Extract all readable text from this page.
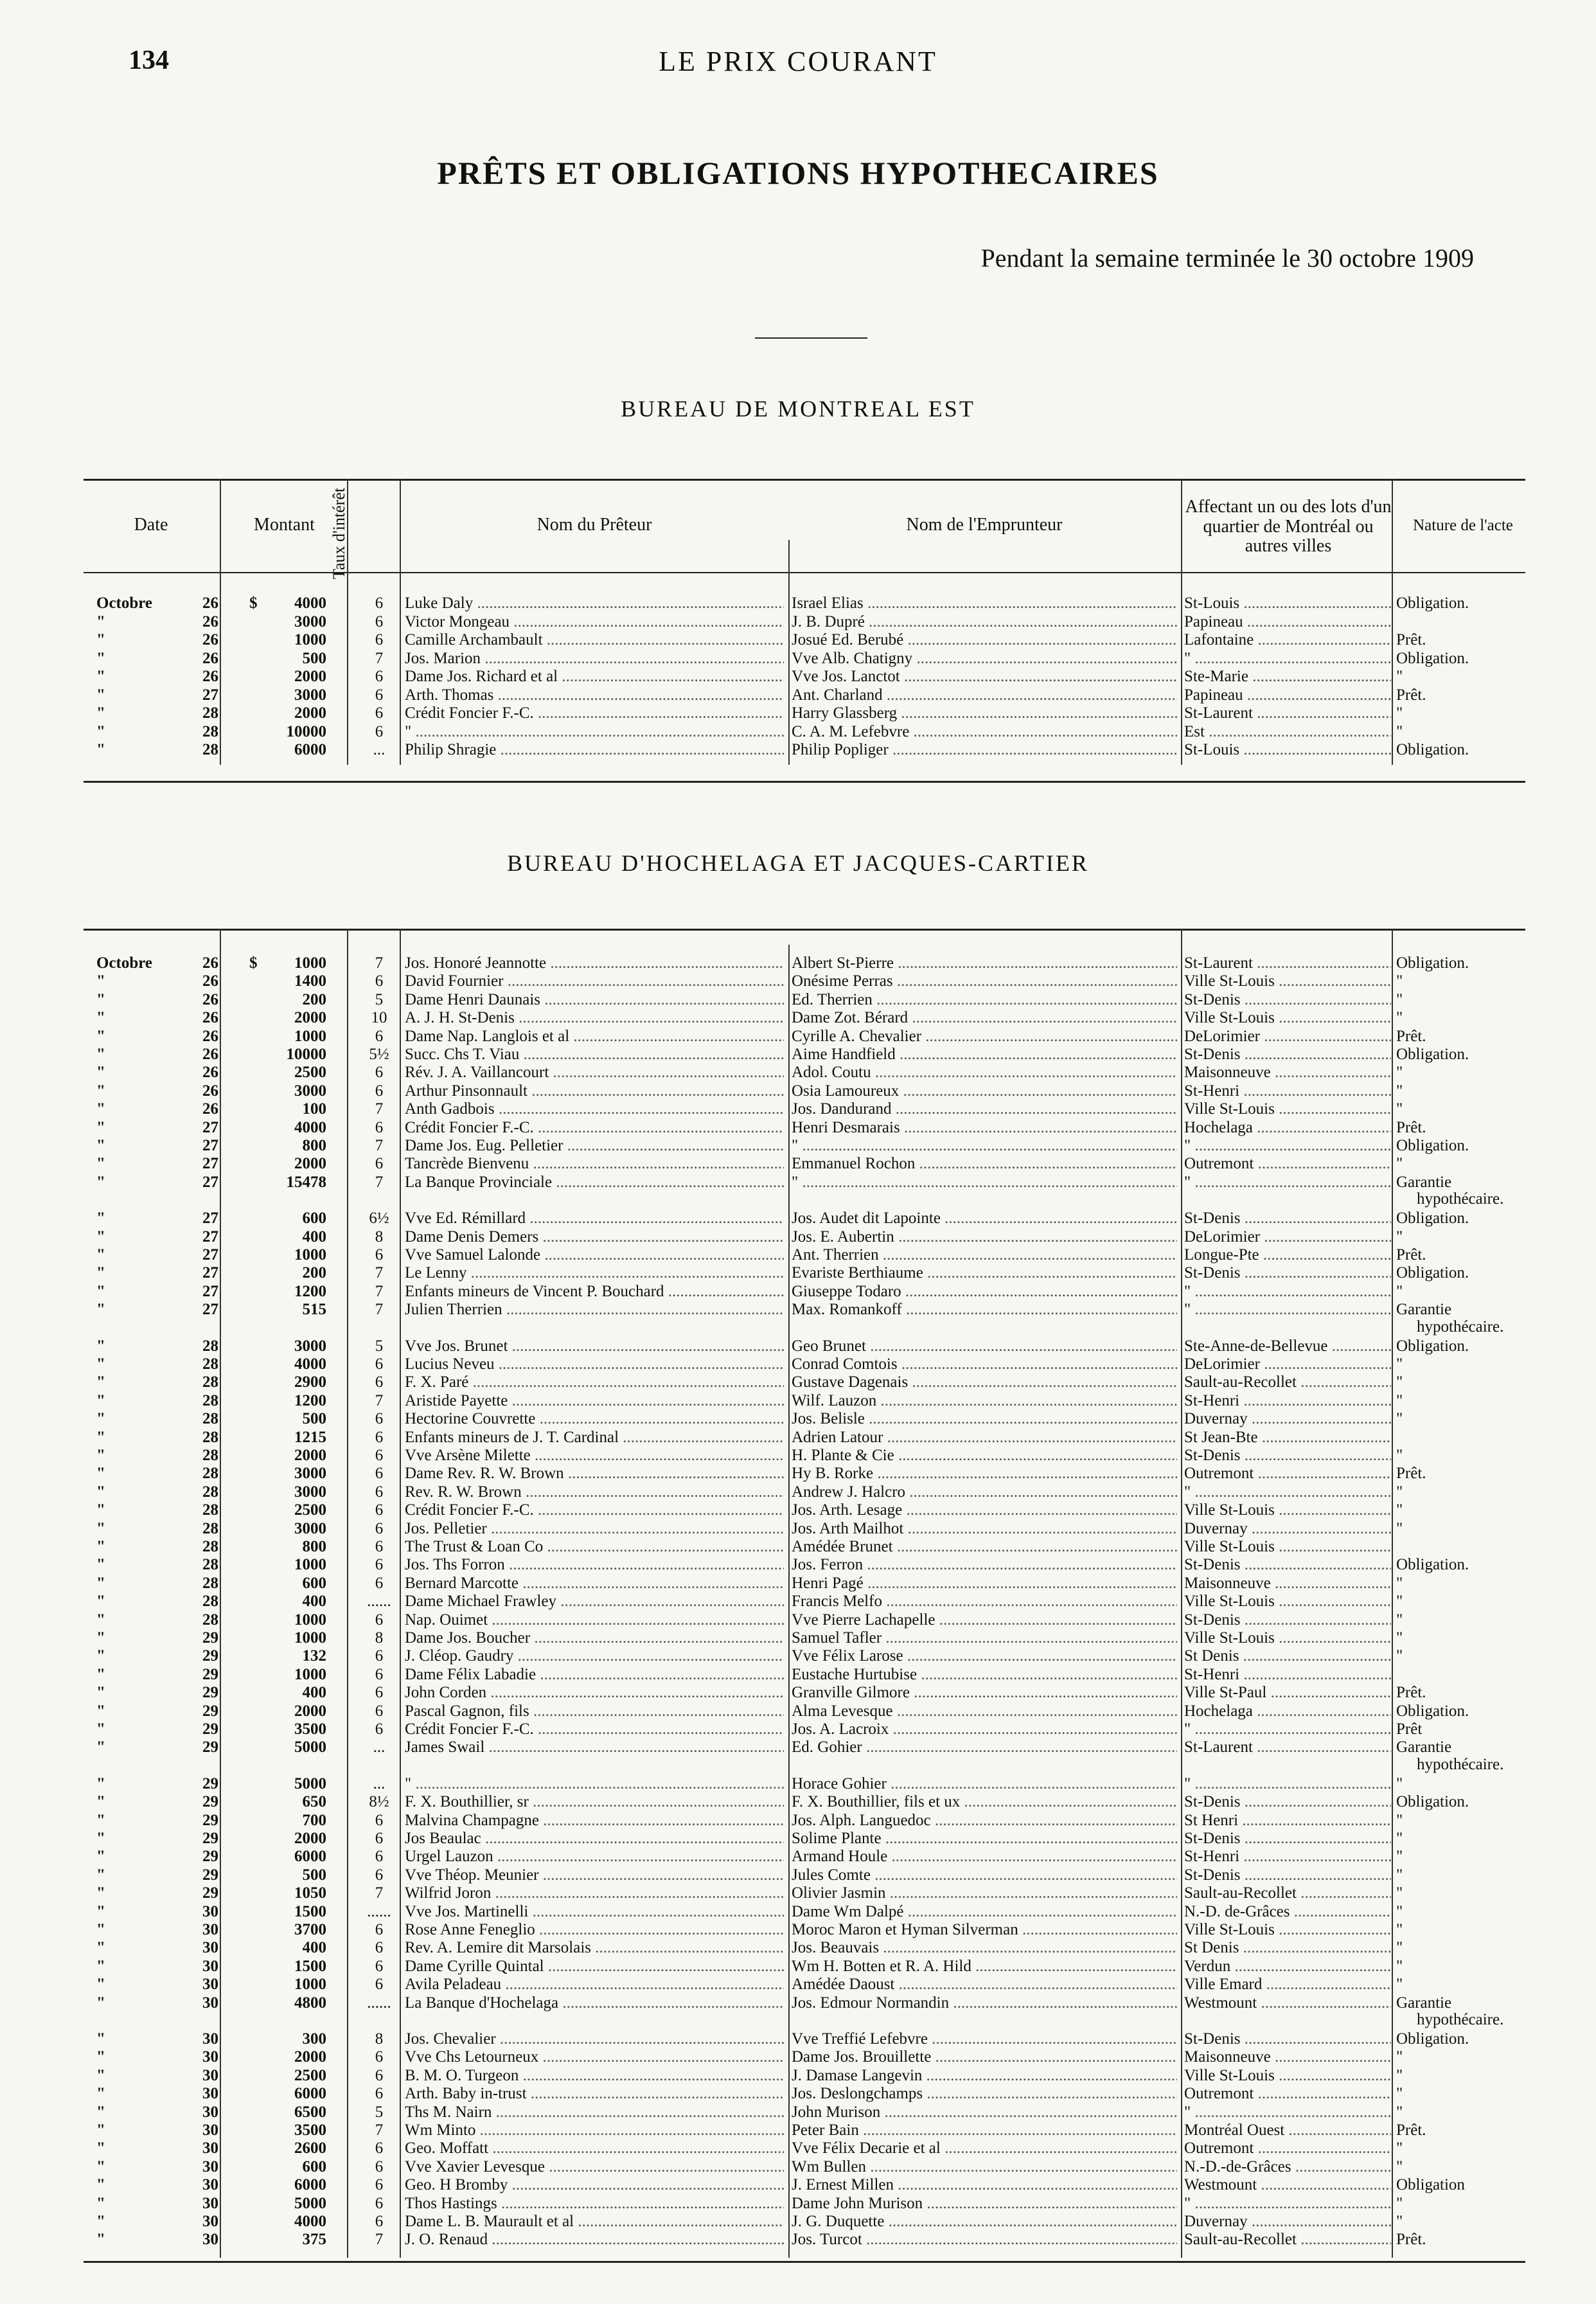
134	LE PRIX COURANT
PRÊTS ET OBLIGATIONS HYPOTHECAIRES
Pendant la semaine terminée le 30 octobre 1909
BUREAU DE MONTREAL EST
Date	Montant Taux d'intérêt	Nom du Prêteur	Nom de l'Emprunteur
Affectant un ou des lots d'un quartier de Montréal ou autres villes
Nature de l'acte
Octobre	26 $	4000	6	Luke Daly .....	Israel Elias .....	St-Louis .....	Obligation.
"	26	3000	6	Victor Mongeau .....	J. B. Dupré .....	Papineau .....
"	26	1000	6	Camille Archambault .....	Josué Ed. Berubé .....	Lafontaine .....	Prêt.
"	26	500	7	Jos. Marion .....	Vve Alb. Chatigny .....	" .....	Obligation.
"	26	2000	6	Dame Jos. Richard et al .....	Vve Jos. Lanctot .....	Ste-Marie .....	"
"	27	3000	6	Arth. Thomas .....	Ant. Charland .....	Papineau .....	Prêt.
"	28	2000	6	Crédit Foncier F.-C. .....	Harry Glassberg .....	St-Laurent .....	"
"	28	10000	6	" .....	C. A. M. Lefebvre .....	Est .....	"
"	28	6000	...	Philip Shragie .....	Philip Popliger .....	St-Louis .....	Obligation.
BUREAU D'HOCHELAGA ET JACQUES-CARTIER
Octobre	26 $	1000	7	Jos. Honoré Jeannotte .....	Albert St-Pierre .....	St-Laurent .....	Obligation.
"	26	1400	6	David Fournier .....	Onésime Perras .....	Ville St-Louis .....	"
"	26	200	5	Dame Henri Daunais .....	Ed. Therrien .....	St-Denis .....	"
"	26	2000	10	A. J. H. St-Denis .....	Dame Zot. Bérard .....	Ville St-Louis .....	"
"	26	1000	6	Dame Nap. Langlois et al .....	Cyrille A. Chevalier .....	DeLorimier .....	Prêt.
"	26	10000	5½ Succ. Chs T. Viau .....	Aime Handfield .....	St-Denis .....	Obligation.
"	26	2500	6	Rév. J. A. Vaillancourt .....	Adol. Coutu .....	Maisonneuve .....	"
"	26	3000	6	Arthur Pinsonnault .....	Osia Lamoureux .....	St-Henri .....	"
"	26	100	7	Anth Gadbois .....	Jos. Dandurand .....	Ville St-Louis .....	"
"	27	4000	6	Crédit Foncier F.-C. .....	Henri Desmarais .....	Hochelaga .....	Prêt.
"	27	800	7	Dame Jos. Eug. Pelletier .....	" .....	" .....	Obligation.
"	27	2000	6	Tancrède Bienvenu .....	Emmanuel Rochon .....	Outremont .....	"
"	27	15478	7	La Banque Provinciale .....	" .....	" .....	Garantie
hypothécaire.
"	27	600	6½ Vve Ed. Rémillard .....	Jos. Audet dit Lapointe .....	St-Denis .....	Obligation.
"	27	400	8	Dame Denis Demers .....	Jos. E. Aubertin .....	DeLorimier .....	"
"	27	1000	6	Vve Samuel Lalonde .....	Ant. Therrien .....	Longue-Pte .....	Prêt.
"	27	200	7	Le Lenny .....	Evariste Berthiaume .....	St-Denis .....	Obligation.
"	27	1200	7	Enfants mineurs de Vincent P. Bouchard .....	Giuseppe Todaro .....	" .....	"
"	27	515	7	Julien Therrien .....	Max. Romankoff .....	" .....	Garantie
hypothécaire.
"	28	3000	5	Vve Jos. Brunet .....	Geo Brunet .....	Ste-Anne-de-Bellevue .....	Obligation.
"	28	4000	6	Lucius Neveu .....	Conrad Comtois .....	DeLorimier .....	"
"	28	2900	6	F. X. Paré .....	Gustave Dagenais .....	Sault-au-Recollet .....	"
"	28	1200	7	Aristide Payette .....	Wilf. Lauzon .....	St-Henri .....	"
"	28	500	6	Hectorine Couvrette .....	Jos. Belisle .....	Duvernay .....	"
"	28	1215	6	Enfants mineurs de J. T. Cardinal .....	Adrien Latour .....	St Jean-Bte .....
"	28	2000	6	Vve Arsène Milette .....	H. Plante & Cie .....	St-Denis .....	"
"	28	3000	6	Dame Rev. R. W. Brown .....	Hy B. Rorke .....	Outremont .....	Prêt.
"	28	3000	6	Rev. R. W. Brown .....	Andrew J. Halcro .....	" .....	"
"	28	2500	6	Crédit Foncier F.-C. .....	Jos. Arth. Lesage .....	Ville St-Louis .....	"
"	28	3000	6	Jos. Pelletier .....	Jos. Arth Mailhot .....	Duvernay .....	"
"	28	800	6	The Trust & Loan Co .....	Amédée Brunet .....	Ville St-Louis .....
"	28	1000	6	Jos. Ths Forron .....	Jos. Ferron .....	St-Denis .....	Obligation.
"	28	600	6	Bernard Marcotte .....	Henri Pagé .....	Maisonneuve .....	"
"	28	400	...... Dame Michael Frawley .....	Francis Melfo .....	Ville St-Louis .....	"
"	28	1000	6	Nap. Ouimet .....	Vve Pierre Lachapelle .....	St-Denis .....	"
"	29	1000	8	Dame Jos. Boucher .....	Samuel Tafler .....	Ville St-Louis .....	"
"	29	132	6	J. Cléop. Gaudry .....	Vve Félix Larose .....	St Denis .....	"
"	29	1000	6	Dame Félix Labadie .....	Eustache Hurtubise .....	St-Henri .....
"	29	400	6	John Corden .....	Granville Gilmore .....	Ville St-Paul .....	Prêt.
"	29	2000	6	Pascal Gagnon, fils .....	Alma Levesque .....	Hochelaga .....	Obligation.
"	29	3500	6	Crédit Foncier F.-C. .....	Jos. A. Lacroix .....	" .....	Prêt
"	29	5000	...	James Swail .....	Ed. Gohier .....	St-Laurent .....	Garantie
hypothécaire.
"	29	5000	...	" .....	Horace Gohier .....	" .....	"
"	29	650	8½ F. X. Bouthillier, sr .....	F. X. Bouthillier, fils et ux .....	St-Denis .....	Obligation.
"	29	700	6	Malvina Champagne .....	Jos. Alph. Languedoc .....	St Henri .....	"
"	29	2000	6	Jos Beaulac .....	Solime Plante .....	St-Denis .....	"
"	29	6000	6	Urgel Lauzon .....	Armand Houle .....	St-Henri .....	"
"	29	500	6	Vve Théop. Meunier .....	Jules Comte .....	St-Denis .....	"
"	29	1050	7	Wilfrid Joron .....	Olivier Jasmin .....	Sault-au-Recollet .....	"
"	30	1500	...... Vve Jos. Martinelli .....	Dame Wm Dalpé .....	N.-D. de-Grâces .....	"
"	30	3700	6	Rose Anne Feneglio .....	Moroc Maron et Hyman Silverman .....	Ville St-Louis .....	"
"	30	400	6	Rev. A. Lemire dit Marsolais .....	Jos. Beauvais .....	St Denis .....	"
"	30	1500	6	Dame Cyrille Quintal .....	Wm H. Botten et R. A. Hild .....	Verdun .....	"
"	30	1000	6	Avila Peladeau .....	Amédée Daoust .....	Ville Emard .....	"
"	30	4800	...... La Banque d'Hochelaga .....	Jos. Edmour Normandin .....	Westmount .....	Garantie
hypothécaire.
"	30	300	8	Jos. Chevalier .....	Vve Treffié Lefebvre .....	St-Denis .....	Obligation.
"	30	2000	6	Vve Chs Letourneux .....	Dame Jos. Brouillette .....	Maisonneuve .....	"
"	30	2500	6	B. M. O. Turgeon .....	J. Damase Langevin .....	Ville St-Louis .....	"
"	30	6000	6	Arth. Baby in-trust .....	Jos. Deslongchamps .....	Outremont .....	"
"	30	6500	5	Ths M. Nairn .....	John Murison .....	" .....	"
"	30	3500	7	Wm Minto .....	Peter Bain .....	Montréal Ouest .....	Prêt.
"	30	2600	6	Geo. Moffatt .....	Vve Félix Decarie et al .....	Outremont .....	"
"	30	600	6	Vve Xavier Levesque .....	Wm Bullen .....	N.-D.-de-Grâces .....	"
"	30	6000	6	Geo. H Bromby .....	J. Ernest Millen .....	Westmount .....	Obligation
"	30	5000	6	Thos Hastings .....	Dame John Murison .....	" .....	"
"	30	4000	6	Dame L. B. Maurault et al .....	J. G. Duquette .....	Duvernay .....	"
"	30	375	7	J. O. Renaud .....	Jos. Turcot .....	Sault-au-Recollet .....	Prêt.
